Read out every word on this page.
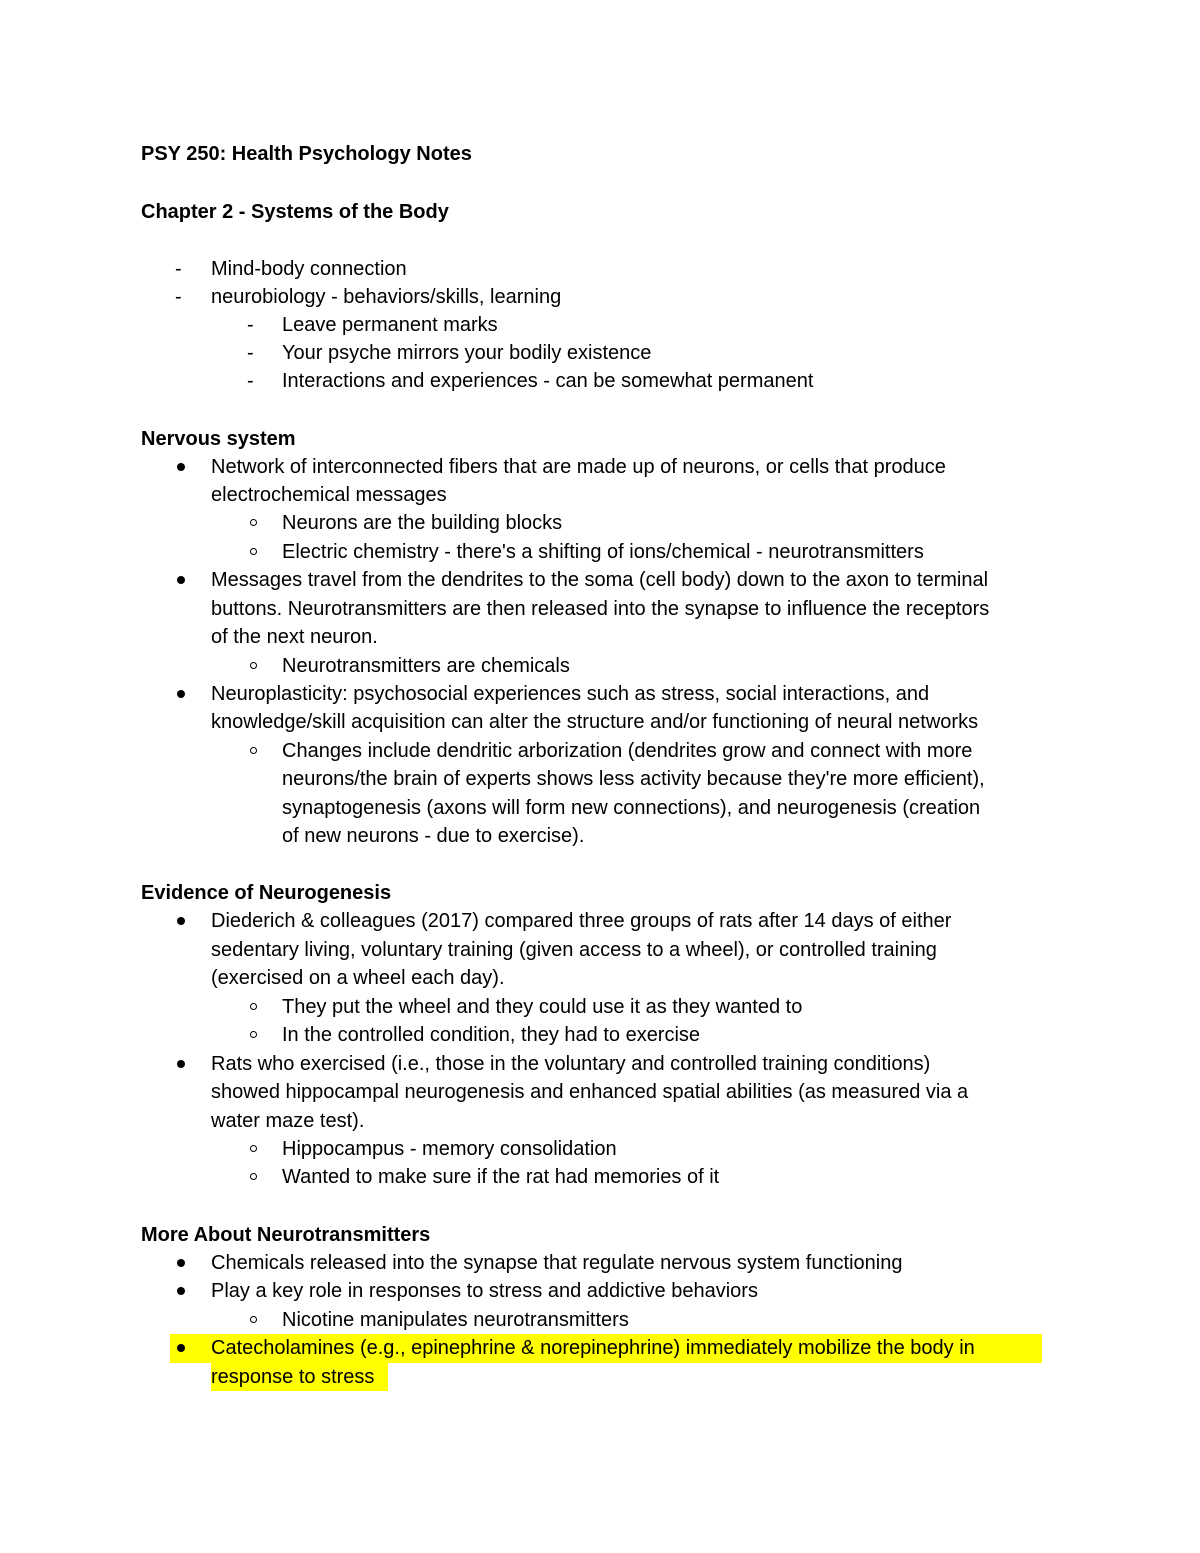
PSY 250: Health Psychology Notes
Chapter 2 - Systems of the Body
- Mind-body connection
- neurobiology - behaviors/skills, learning
- Leave permanent marks
- Your psyche mirrors your bodily existence
- Interactions and experiences - can be somewhat permanent
Nervous system
Network of interconnected fibers that are made up of neurons, or cells that produce
electrochemical messages
Neurons are the building blocks
Electric chemistry - there's a shifting of ions/chemical - neurotransmitters
Messages travel from the dendrites to the soma (cell body) down to the axon to terminal
buttons. Neurotransmitters are then released into the synapse to influence the receptors
of the next neuron.
Neurotransmitters are chemicals
Neuroplasticity: psychosocial experiences such as stress, social interactions, and
knowledge/skill acquisition can alter the structure and/or functioning of neural networks
Changes include dendritic arborization (dendrites grow and connect with more
neurons/the brain of experts shows less activity because they're more efficient),
synaptogenesis (axons will form new connections), and neurogenesis (creation
of new neurons - due to exercise).
Evidence of Neurogenesis
Diederich & colleagues (2017) compared three groups of rats after 14 days of either
sedentary living, voluntary training (given access to a wheel), or controlled training
(exercised on a wheel each day).
They put the wheel and they could use it as they wanted to
In the controlled condition, they had to exercise
Rats who exercised (i.e., those in the voluntary and controlled training conditions)
showed hippocampal neurogenesis and enhanced spatial abilities (as measured via a
water maze test).
Hippocampus - memory consolidation
Wanted to make sure if the rat had memories of it
More About Neurotransmitters
Chemicals released into the synapse that regulate nervous system functioning
Play a key role in responses to stress and addictive behaviors
Nicotine manipulates neurotransmitters
Catecholamines (e.g., epinephrine & norepinephrine) immediately mobilize the body in
response to stress
